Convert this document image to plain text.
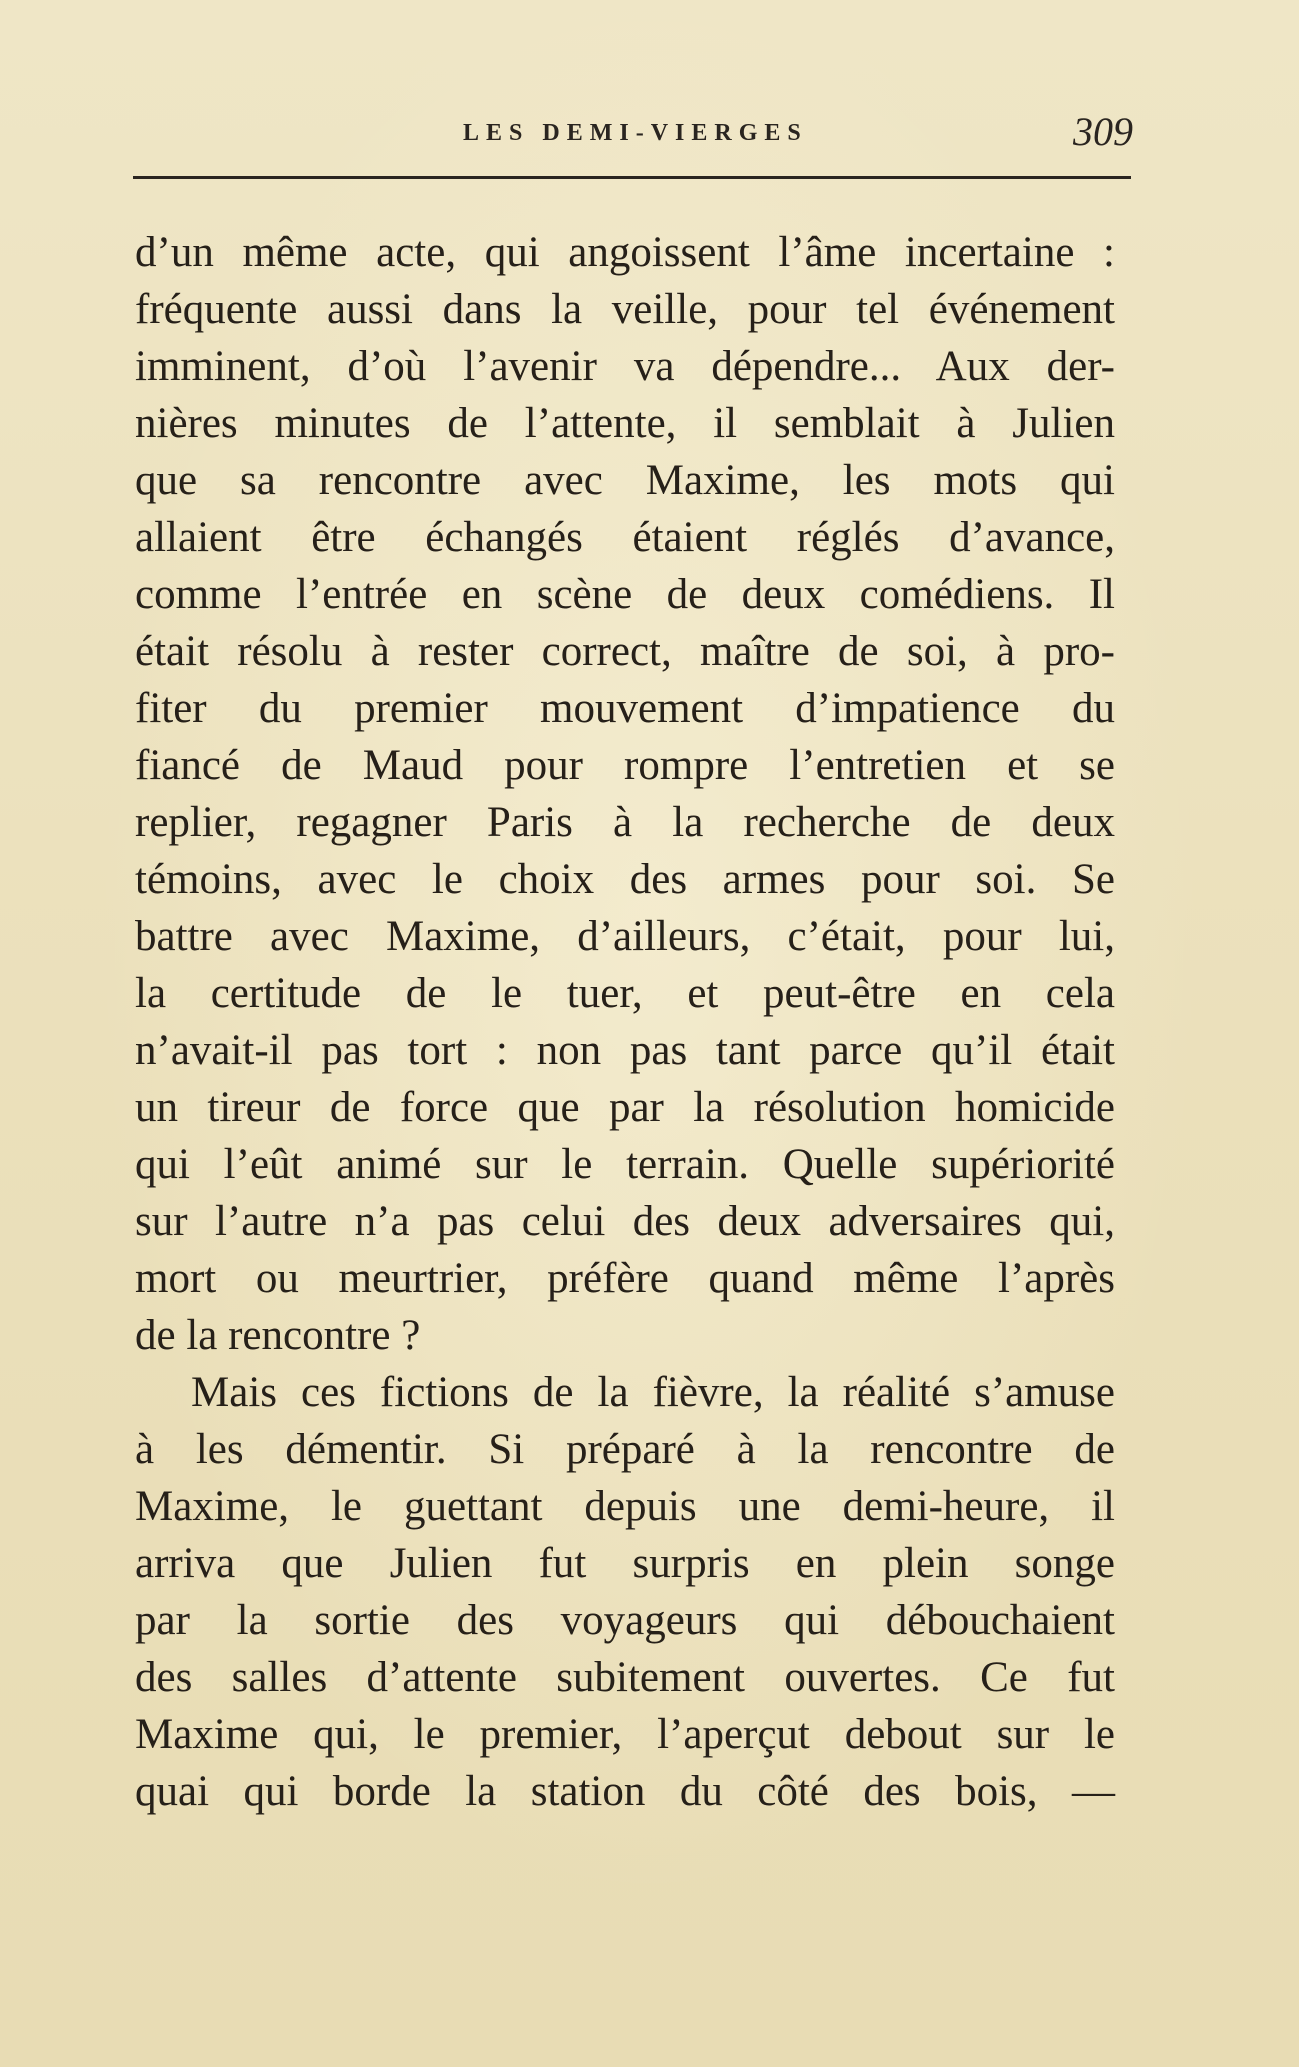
LES DEMI-VIERGES	309
d’un même acte, qui angoissent l’âme incertaine :
fréquente aussi dans la veille, pour tel événement
imminent, d’où l’avenir va dépendre... Aux der-
nières minutes de l’attente, il semblait à Julien
que sa rencontre avec Maxime, les mots qui
allaient être échangés étaient réglés d’avance,
comme l’entrée en scène de deux comédiens. Il
était résolu à rester correct, maître de soi, à pro-
fiter du premier mouvement d’impatience du
fiancé de Maud pour rompre l’entretien et se
replier, regagner Paris à la recherche de deux
témoins, avec le choix des armes pour soi. Se
battre avec Maxime, d’ailleurs, c’était, pour lui,
la certitude de le tuer, et peut-être en cela
n’avait-il pas tort : non pas tant parce qu’il était
un tireur de force que par la résolution homicide
qui l’eût animé sur le terrain. Quelle supériorité
sur l’autre n’a pas celui des deux adversaires qui,
mort ou meurtrier, préfère quand même l’après
de la rencontre ?
Mais ces fictions de la fièvre, la réalité s’amuse
à les démentir. Si préparé à la rencontre de
Maxime, le guettant depuis une demi-heure, il
arriva que Julien fut surpris en plein songe
par la sortie des voyageurs qui débouchaient
des salles d’attente subitement ouvertes. Ce fut
Maxime qui, le premier, l’aperçut debout sur le
quai qui borde la station du côté des bois, —
